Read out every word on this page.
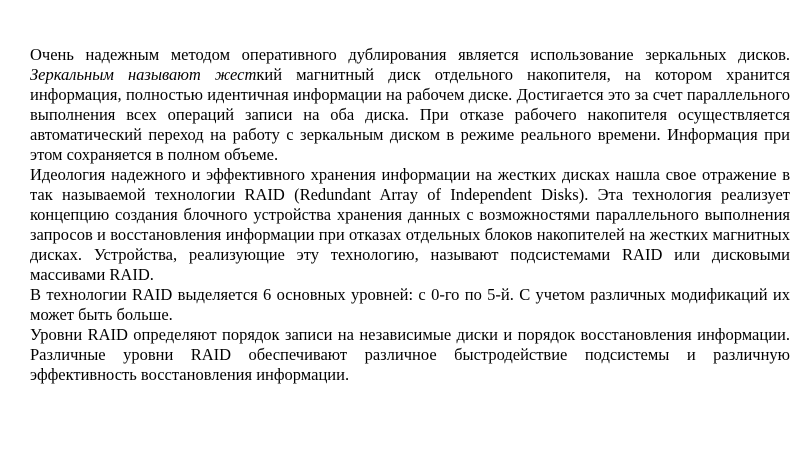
Очень надежным методом оперативного дублирования является использование зеркальных дисков. Зеркальным называют жесткий магнитный диск отдельного накопителя, на котором хранится информация, полностью идентичная информации на рабочем диске. Достигается это за счет параллельного выполнения всех операций записи на оба диска. При отказе рабочего накопителя осуществляется автоматический переход на работу с зеркальным диском в режиме реального времени. Информация при этом сохраняется в полном объеме.

Идеология надежного и эффективного хранения информации на жестких дисках нашла свое отражение в так называемой технологии RAID (Redundant Array of Independent Disks). Эта технология реализует концепцию создания блочного устройства хранения данных с возможностями параллельного выполнения запросов и восстановления информации при отказах отдельных блоков накопителей на жестких магнитных дисках. Устройства, реализующие эту технологию, называют подсистемами RAID или дисковыми массивами RAID.

В технологии RAID выделяется 6 основных уровней: с 0-го по 5-й. С учетом различных модификаций их может быть больше.

Уровни RAID определяют порядок записи на независимые диски и порядок восстановления информации. Различные уровни RAID обеспечивают различное быстродействие подсистемы и различную эффективность восстановления информации.
